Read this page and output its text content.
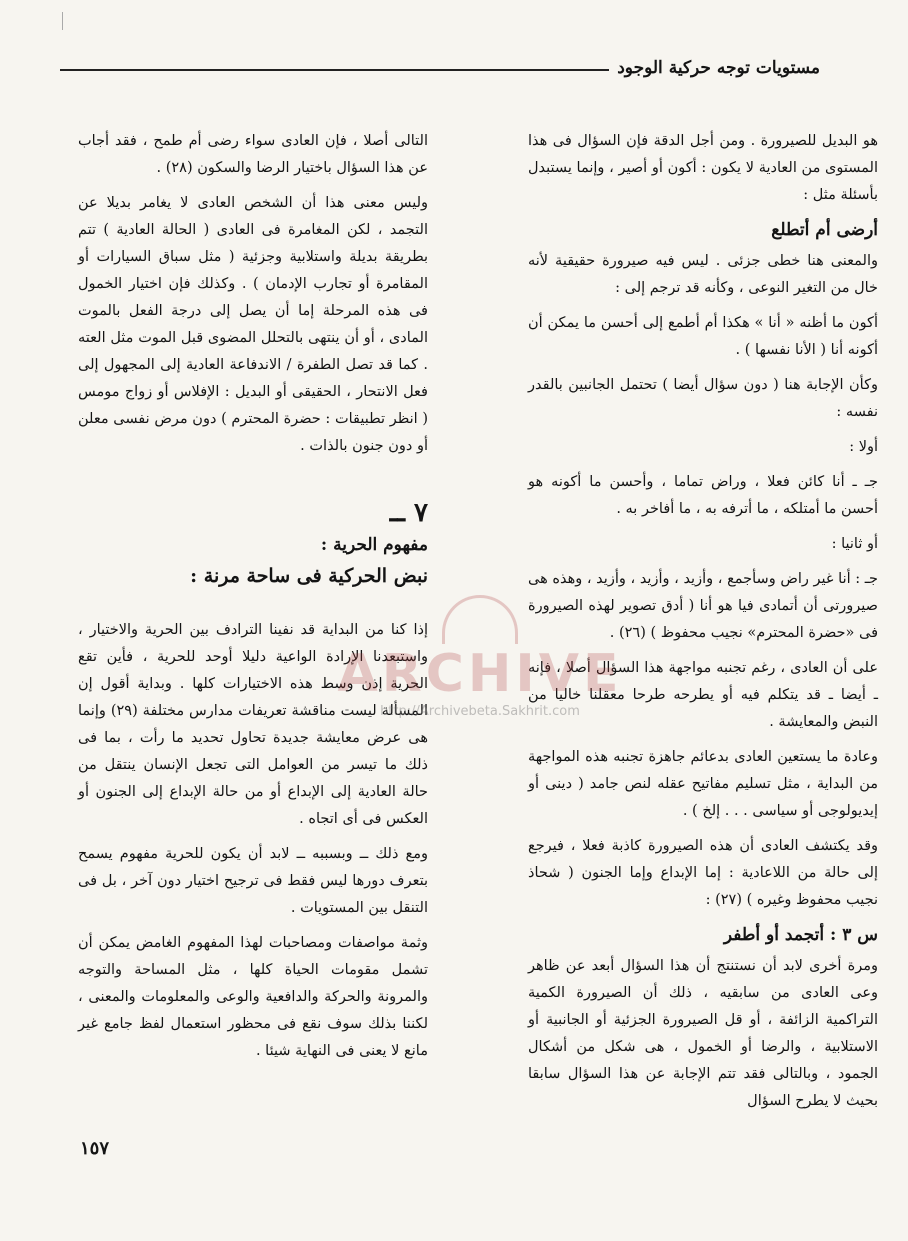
مستويات توجه حركية الوجود

هو البديل للصيرورة . ومن أجل الدقة فإن السؤال فى هذا المستوى من العادية لا يكون : أكون أو أصير ، وإنما يستبدل بأسئلة مثل :

أرضى أم أتطلع

والمعنى هنا خطى جزئى . ليس فيه صيرورة حقيقية لأنه خال من التغير النوعى ، وكأنه قد ترجم إلى :

أكون ما أظنه « أنا » هكذا أم أطمع إلى أحسن ما يمكن أن أكونه أنا ( الأنا نفسها ) .

وكأن الإجابة هنا ( دون سؤال أيضا ) تحتمل الجانبين بالقدر نفسه :

أولا :

جـ ـ أنا كائن فعلا ، وراض تماما ، وأحسن ما أكونه هو أحسن ما أمتلكه ، ما أترفه به ، ما أفاخر به .

أو ثانيا :

جـ : أنا غير راض وسأجمع ، وأزيد ، وأزيد ، وأزيد ، وهذه هى صيرورتى أن أتمادى فيا هو أنا ( أدق تصوير لهذه الصيرورة فى «حضرة المحترم» نجيب محفوظ ) (٢٦) .

على أن العادى ، رغم تجنبه مواجهة هذا السؤال أصلا ، فإنه ـ أيضا ـ قد يتكلم فيه أو يطرحه طرحا معقلنا خاليا من النبض والمعايشة .

وعادة ما يستعين العادى بدعائم جاهزة تجنبه هذه المواجهة من البداية ، مثل تسليم مفاتيح عقله لنص جامد ( دينى أو إيديولوجى أو سياسى . . . إلخ ) .

وقد يكتشف العادى أن هذه الصيرورة كاذبة فعلا ، فيرجع إلى حالة من اللاعادية : إما الإبداع وإما الجنون ( شحاذ نجيب محفوظ وغيره ) (٢٧) :

س ٣ : أتجمد أو أطفر

ومرة أخرى لابد أن نستنتج أن هذا السؤال أبعد عن ظاهر وعى العادى من سابقيه ، ذلك أن الصيرورة الكمية التراكمية الزائفة ، أو قل الصيرورة الجزئية أو الجانبية أو الاستلابية ، والرضا أو الخمول ، هى شكل من أشكال الجمود ، وبالتالى فقد تتم الإجابة عن هذا السؤال سابقا بحيث لا يطرح السؤال

التالى أصلا ، فإن العادى سواء رضى أم طمح ، فقد أجاب عن هذا السؤال باختيار الرضا والسكون (٢٨) .

وليس معنى هذا أن الشخص العادى لا يغامر بديلا عن التجمد ، لكن المغامرة فى العادى ( الحالة العادية ) تتم بطريقة بديلة واستلابية وجزئية ( مثل سباق السيارات أو المقامرة أو تجارب الإدمان ) . وكذلك فإن اختيار الخمول فى هذه المرحلة إما أن يصل إلى درجة الفعل بالموت المادى ، أو أن ينتهى بالتحلل المضوى قبل الموت مثل العته . كما قد تصل الطفرة / الاندفاعة العادية إلى المجهول إلى فعل الانتحار ، الحقيقى أو البديل : الإفلاس أو زواج مومس ( انظر تطبيقات : حضرة المحترم ) دون مرض نفسى معلن أو دون جنون بالذات .

٧ ــ
مفهوم الحرية :
نبض الحركية فى ساحة مرنة :

إذا كنا من البداية قد نفينا الترادف بين الحرية والاختيار ، واستبعدنا الإرادة الواعية دليلا أوحد للحرية ، فأين تقع الحرية إذن وسط هذه الاختيارات كلها . وبداية أقول إن المسألة ليست مناقشة تعريفات مدارس مختلفة (٢٩) وإنما هى عرض معايشة جديدة تحاول تحديد ما رأت ، بما فى ذلك ما تيسر من العوامل التى تجعل الإنسان ينتقل من حالة العادية إلى الإبداع أو من حالة الإبداع إلى الجنون أو العكس فى أى اتجاه .

ومع ذلك ــ وبسببه ــ لابد أن يكون للحرية مفهوم يسمح بتعرف دورها ليس فقط فى ترجيح اختيار دون آخر ، بل فى التنقل بين المستويات .

وثمة مواصفات ومصاحبات لهذا المفهوم الغامض يمكن أن تشمل مقومات الحياة كلها ، مثل المساحة والتوجه والمرونة والحركة والدافعية والوعى والمعلومات والمعنى ، لكننا بذلك سوف نقع فى محظور استعمال لفظ جامع غير مانع لا يعنى فى النهاية شيئا .

ARCHIVE
http://Archivebeta.Sakhrit.com
١٥٧
